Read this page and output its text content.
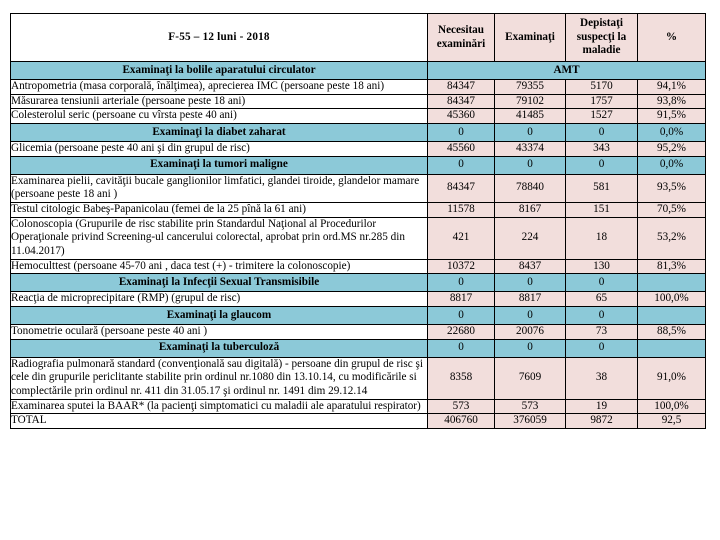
F-55 – 12 luni - 2018	Necesitau examinări	Examinaţi	Depistaţi suspecţi la maladie	%
Examinaţi la bolile aparatului circulator	AMT			
Antropometria (masa corporală, înălţimea), aprecierea IMC (persoane peste 18 ani)	84347	79355	5170	94,1%
Măsurarea tensiunii arteriale (persoane peste 18 ani)	84347	79102	1757	93,8%
Colesterolul seric (persoane cu vîrsta peste 40 ani)	45360	41485	1527	91,5%
Examinaţi la diabet zaharat	0	0	0	0,0%
Glicemia (persoane peste 40 ani şi din grupul de risc)	45560	43374	343	95,2%
Examinaţi la tumori maligne	0	0	0	0,0%
Examinarea pielii, cavităţii bucale ganglionilor limfatici, glandei tiroide, glandelor mamare (persoane peste 18 ani )	84347	78840	581	93,5%
Testul citologic Babeş-Papanicolau (femei de la 25 pînă la 61 ani)	11578	8167	151	70,5%
Colonoscopia (Grupurile de risc stabilite prin Standardul Naţional al Procedurilor Operaţionale privind Screening-ul cancerului colorectal, aprobat prin ord.MS nr.285 din 11.04.2017)	421	224	18	53,2%
Hemoculttest (persoane 45-70 ani , daca test (+) - trimitere la colonoscopie)	10372	8437	130	81,3%
Examinaţi la Infecţii Sexual Transmisibile	0	0	0	
Reacţia de microprecipitare (RMP) (grupul de risc)	8817	8817	65	100,0%
Examinaţi la glaucom	0	0	0	
Tonometrie oculară (persoane peste 40 ani )	22680	20076	73	88,5%
Examinaţi la tuberculoză	0	0	0	
Radiografia pulmonară standard (convenţională sau digitală) - persoane din grupul de risc şi cele din grupurile periclitante stabilite prin ordinul nr.1080 din 13.10.14, cu modificările si complectările prin ordinul nr. 411 din 31.05.17 şi ordinul nr. 1491 dim 29.12.14	8358	7609	38	91,0%
Examinarea sputei la BAAR* (la pacienţi simptomatici cu maladii ale aparatului respirator)	573	573	19	100,0%
TOTAL	406760	376059	9872	92,5
